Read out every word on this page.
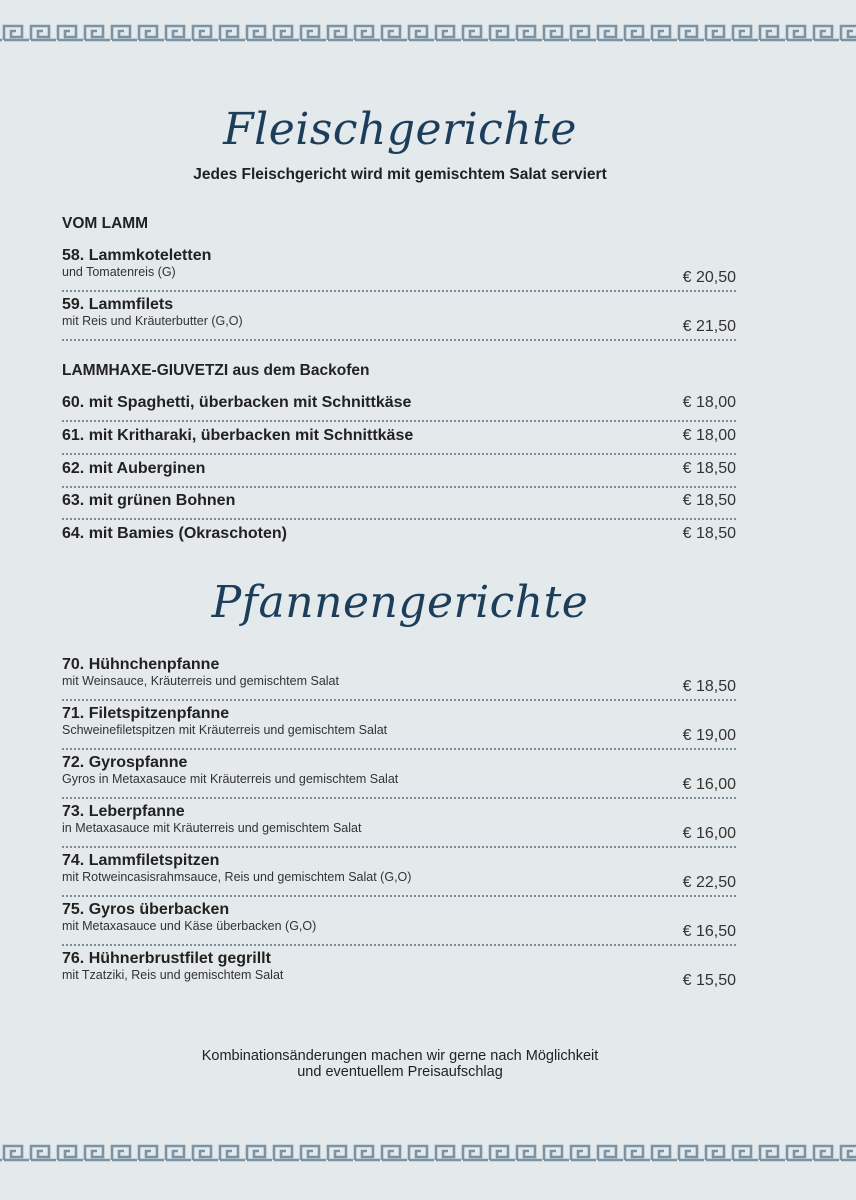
Fleischgerichte
Jedes Fleischgericht wird mit gemischtem Salat serviert
VOM LAMM
58. Lammkoteletten
und Tomatenreis (G)	€ 20,50
59. Lammfilets
mit Reis und Kräuterbutter (G,O)	€ 21,50
LAMMHAXE-GIUVETZI aus dem Backofen
60. mit Spaghetti, überbacken mit Schnittkäse	€ 18,00
61. mit Kritharaki, überbacken mit Schnittkäse	€ 18,00
62. mit Auberginen	€ 18,50
63. mit grünen Bohnen	€ 18,50
64. mit Bamies (Okraschoten)	€ 18,50
Pfannengerichte
70. Hühnchenpfanne
mit Weinsauce, Kräuterreis und gemischtem Salat	€ 18,50
71. Filetspitzenpfanne
Schweinefiletspitzen mit Kräuterreis und gemischtem Salat	€ 19,00
72. Gyrospfanne
Gyros in Metaxasauce mit Kräuterreis und gemischtem Salat	€ 16,00
73. Leberpfanne
in Metaxasauce mit Kräuterreis und gemischtem Salat	€ 16,00
74. Lammfiletspitzen
mit Rotweincasisrahmsauce, Reis und gemischtem Salat (G,O)	€ 22,50
75. Gyros überbacken
mit Metaxasauce und Käse überbacken (G,O)	€ 16,50
76. Hühnerbrustfilet gegrillt
mit Tzatziki, Reis und gemischtem Salat	€ 15,50
Kombinationsänderungen machen wir gerne nach Möglichkeit
und eventuellem Preisaufschlag
